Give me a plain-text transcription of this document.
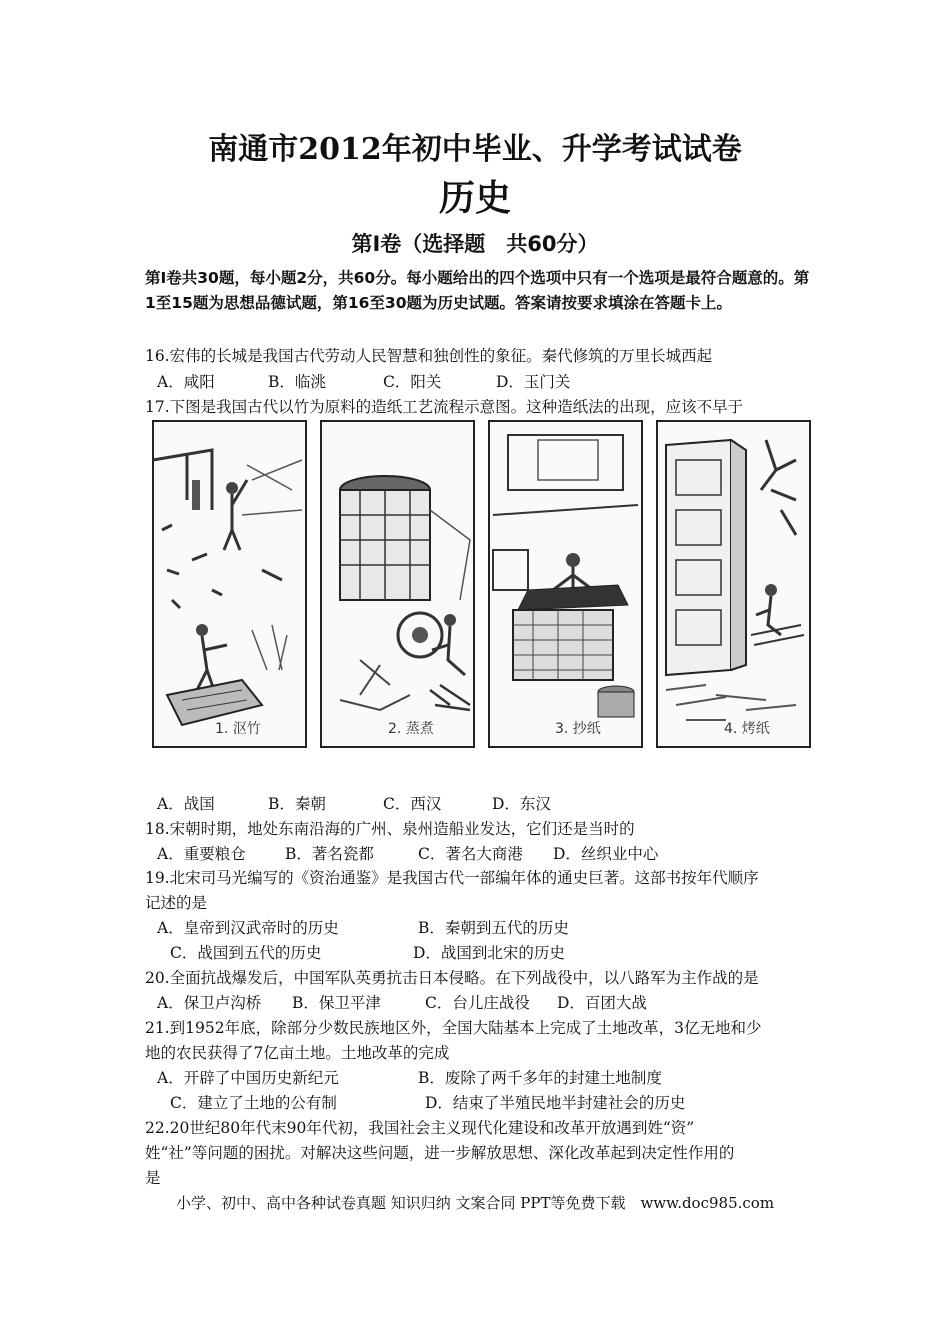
南通市2012年初中毕业、升学考试试卷
历史
第Ⅰ卷（选择题　共60分）
第Ⅰ卷共30题，每小题2分，共60分。每小题给出的四个选项中只有一个选项是最符合题意的。第1至15题为思想品德试题，第16至30题为历史试题。答案请按要求填涂在答题卡上。
16.宏伟的长城是我国古代劳动人民智慧和独创性的象征。秦代修筑的万里长城西起
A．咸阳	B．临洮	C．阳关	D．玉门关
17.下图是我国古代以竹为原料的造纸工艺流程示意图。这种造纸法的出现，应该不早于
1. 沤竹	2. 蒸煮	3. 抄纸	4. 烤纸
A．战国	B．秦朝	C．西汉	D．东汉
18.宋朝时期，地处东南沿海的广州、泉州造船业发达，它们还是当时的
A．重要粮仓	B．著名瓷都	C．著名大商港 D．丝织业中心
19.北宋司马光编写的《资治通鉴》是我国古代一部编年体的通史巨著。这部书按年代顺序
记述的是
A．皇帝到汉武帝时的历史	B．秦朝到五代的历史
C．战国到五代的历史	D．战国到北宋的历史
20.全面抗战爆发后，中国军队英勇抗击日本侵略。在下列战役中，以八路军为主作战的是
A．保卫卢沟桥 B．保卫平津	C．台儿庄战役 D．百团大战
21.到1952年底，除部分少数民族地区外，全国大陆基本上完成了土地改革，3亿无地和少
地的农民获得了7亿亩土地。土地改革的完成
A．开辟了中国历史新纪元	B．废除了两千多年的封建土地制度
C．建立了土地的公有制	D．结束了半殖民地半封建社会的历史
22.20世纪80年代末90年代初，我国社会主义现代化建设和改革开放遇到姓“资”
姓“社”等问题的困扰。对解决这些问题，进一步解放思想、深化改革起到决定性作用的
是
小学、初中、高中各种试卷真题 知识归纳 文案合同 PPT等免费下载　www.doc985.com
